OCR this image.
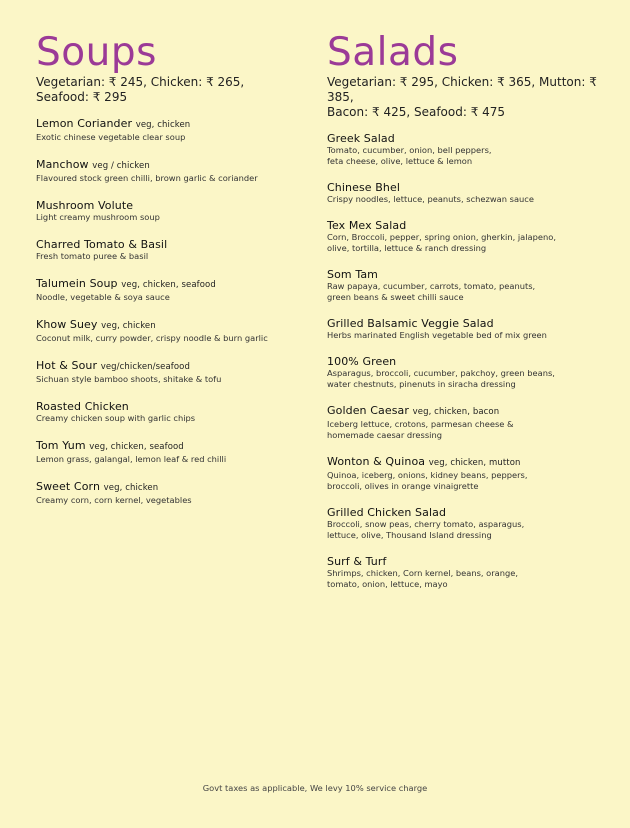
Soups
Vegetarian: ₹ 245, Chicken: ₹ 265,
Seafood: ₹ 295
Lemon Coriander veg, chicken
Exotic chinese vegetable clear soup
Manchow veg / chicken
Flavoured stock green chilli, brown garlic & coriander
Mushroom Volute
Light creamy mushroom soup
Charred Tomato & Basil
Fresh tomato puree & basil
Talumein Soup veg, chicken, seafood
Noodle, vegetable & soya sauce
Khow Suey veg, chicken
Coconut milk, curry powder, crispy noodle & burn garlic
Hot & Sour veg/chicken/seafood
Sichuan style bamboo shoots, shitake & tofu
Roasted Chicken
Creamy chicken soup with garlic chips
Tom Yum veg, chicken, seafood
Lemon grass, galangal, lemon leaf & red chilli
Sweet Corn veg, chicken
Creamy corn, corn kernel, vegetables
Salads
Vegetarian: ₹ 295, Chicken: ₹ 365, Mutton: ₹ 385,
Bacon: ₹ 425, Seafood: ₹ 475
Greek Salad
Tomato, cucumber, onion, bell peppers,
feta cheese, olive, lettuce & lemon
Chinese Bhel
Crispy noodles, lettuce, peanuts, schezwan sauce
Tex Mex Salad
Corn, Broccoli, pepper, spring onion, gherkin, jalapeno,
olive, tortilla, lettuce & ranch dressing
Som Tam
Raw papaya, cucumber, carrots, tomato, peanuts,
green beans & sweet chilli sauce
Grilled Balsamic Veggie Salad
Herbs marinated English vegetable bed of mix green
100% Green
Asparagus, broccoli, cucumber, pakchoy, green beans,
water chestnuts, pinenuts in siracha dressing
Golden Caesar veg, chicken, bacon
Iceberg lettuce, crotons, parmesan cheese &
homemade caesar dressing
Wonton & Quinoa veg, chicken, mutton
Quinoa, iceberg, onions, kidney beans, peppers,
broccoli, olives in orange vinaigrette
Grilled Chicken Salad
Broccoli, snow peas, cherry tomato, asparagus,
lettuce, olive, Thousand Island dressing
Surf & Turf
Shrimps, chicken, Corn kernel, beans, orange,
tomato, onion, lettuce, mayo
Govt taxes as applicable, We levy 10% service charge
